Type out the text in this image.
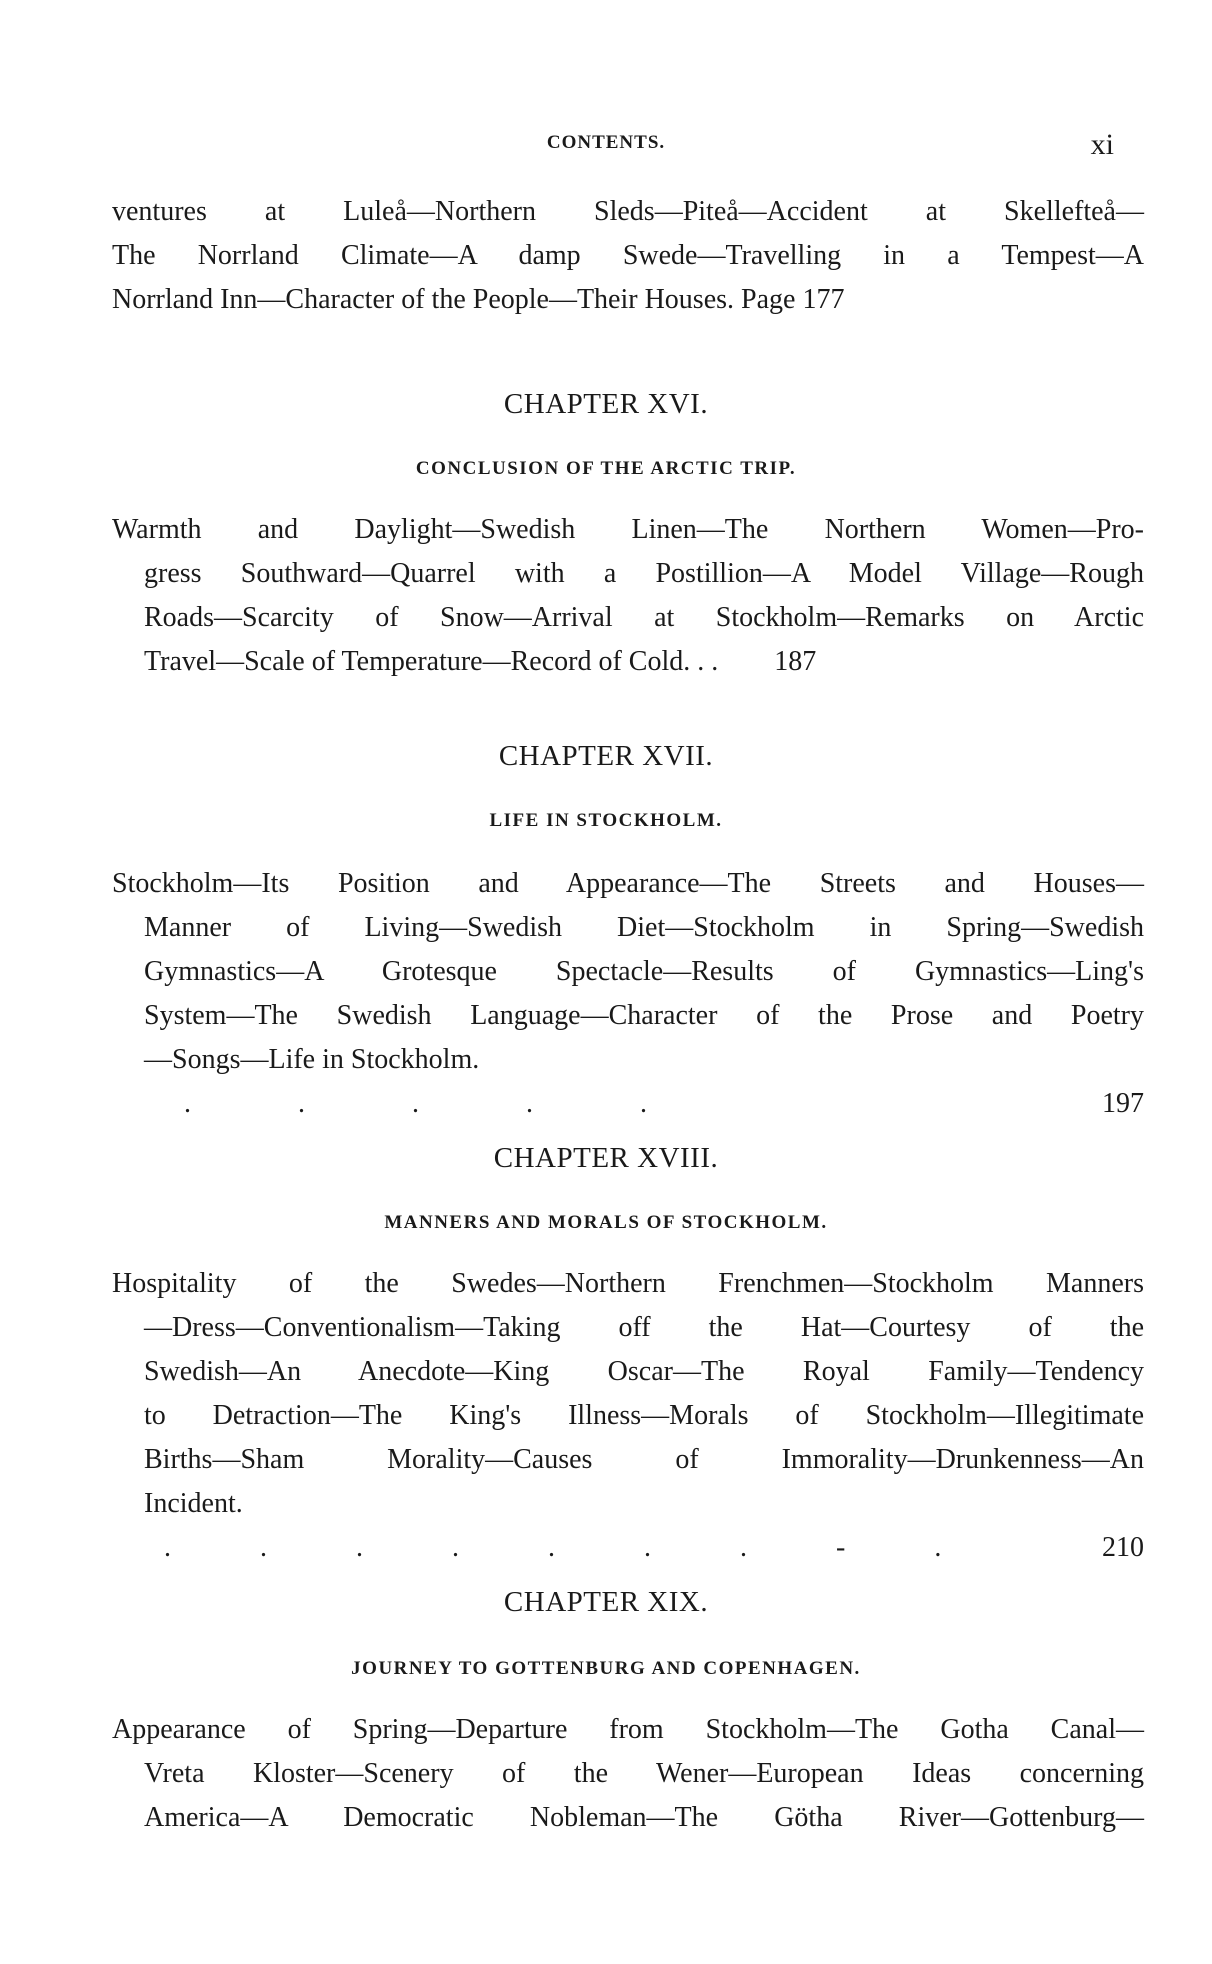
CONTENTS.	xi
ventures at Luleå—Northern Sleds—Piteå—Accident at Skellefteå—
The Norrland Climate—A damp Swede—Travelling in a Tempest—A
Norrland Inn—Character of the People—Their Houses. Page 177
CHAPTER XVI.
CONCLUSION OF THE ARCTIC TRIP.
Warmth and Daylight—Swedish Linen—The Northern Women—Pro-
gress Southward—Quarrel with a Postillion—A Model Village—Rough
Roads—Scarcity of Snow—Arrival at Stockholm—Remarks on Arctic
Travel—Scale of Temperature—Record of Cold. . . 187
CHAPTER XVII.
LIFE IN STOCKHOLM.
Stockholm—Its Position and Appearance—The Streets and Houses—
Manner of Living—Swedish Diet—Stockholm in Spring—Swedish
Gymnastics—A Grotesque Spectacle—Results of Gymnastics—Ling's
System—The Swedish Language—Character of the Prose and Poetry
—Songs—Life in Stockholm.
.     .     .     .     .	197
CHAPTER XVIII.
MANNERS AND MORALS OF STOCKHOLM.
Hospitality of the Swedes—Northern Frenchmen—Stockholm Manners
—Dress—Conventionalism—Taking off the Hat—Courtesy of the
Swedish—An Anecdote—King Oscar—The Royal Family—Tendency
to Detraction—The King's Illness—Morals of Stockholm—Illegitimate
Births—Sham Morality—Causes of Immorality—Drunkenness—An
Incident.
.     .     .     .     .     .     .     -     .	210
CHAPTER XIX.
JOURNEY TO GOTTENBURG AND COPENHAGEN.
Appearance of Spring—Departure from Stockholm—The Gotha Canal—
Vreta Kloster—Scenery of the Wener—European Ideas concerning
America—A Democratic Nobleman—The Götha River—Gottenburg—
